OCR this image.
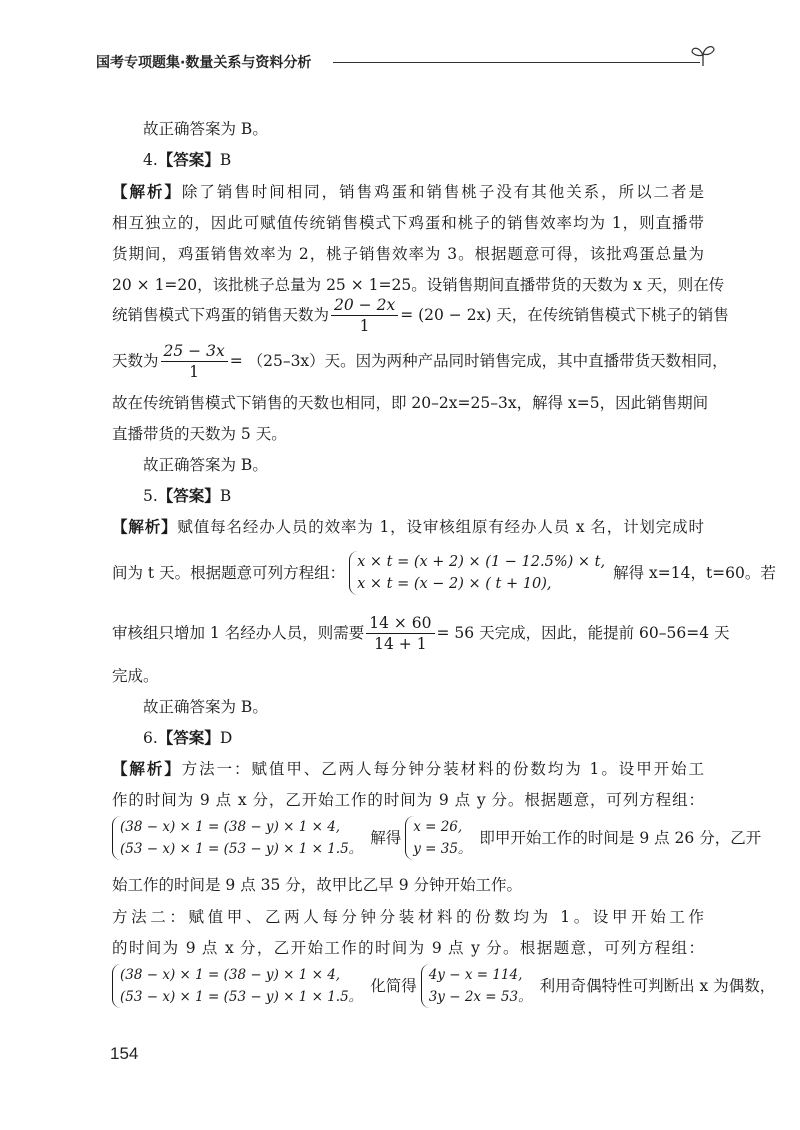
国考专项题集·数量关系与资料分析
故正确答案为 B。
4.【答案】B
【解析】除了销售时间相同，销售鸡蛋和销售桃子没有其他关系，所以二者是
相互独立的，因此可赋值传统销售模式下鸡蛋和桃子的销售效率均为 1，则直播带
货期间，鸡蛋销售效率为 2，桃子销售效率为 3。根据题意可得，该批鸡蛋总量为
20 × 1=20，该批桃子总量为 25 × 1=25。设销售期间直播带货的天数为 x 天，则在传
统销售模式下鸡蛋的销售天数为 $\frac{20 - 2x}{1} = (20 - 2x)$ 天，在传统销售模式下桃子的销售
天数为 $\frac{25 - 3x}{1} = (25-3x)$天。因为两种产品同时销售完成，其中直播带货天数相同，
故在传统销售模式下销售的天数也相同，即 20–2x=25–3x，解得 x=5，因此销售期间
直播带货的天数为 5 天。
故正确答案为 B。
5.【答案】B
【解析】赋值每名经办人员的效率为 1，设审核组原有经办人员 x 名，计划完成时
间为 t 天。根据题意可列方程组：
x × t = (x + 2) × (1 − 12.5%) × t,
x × t = (x − 2) × ( t + 10),
解得 x=14，t=60。若
审核组只增加 1 名经办人员，则需要 $\frac{14 \times 60}{14 + 1} = 56$ 天完成，因此，能提前 60–56=4 天
完成。
故正确答案为 B。
6.【答案】D
【解析】方法一：赋值甲、乙两人每分钟分装材料的份数均为 1。设甲开始工
作的时间为 9 点 x 分，乙开始工作的时间为 9 点 y 分。根据题意，可列方程组：
(38 − x) × 1 = (38 − y) × 1 × 4,
(53 − x) × 1 = (53 − y) × 1 × 1.5。
解得
x = 26,
y = 35。
即甲开始工作的时间是 9 点 26 分，乙开
始工作的时间是 9 点 35 分，故甲比乙早 9 分钟开始工作。
方法二：赋值甲、乙两人每分钟分装材料的份数均为 1。设甲开始工作
的时间为 9 点 x 分，乙开始工作的时间为 9 点 y 分。根据题意，可列方程组：
(38 − x) × 1 = (38 − y) × 1 × 4,
(53 − x) × 1 = (53 − y) × 1 × 1.5。
化简得
4y − x = 114,
3y − 2x = 53。
利用奇偶特性可判断出 x 为偶数，
154
